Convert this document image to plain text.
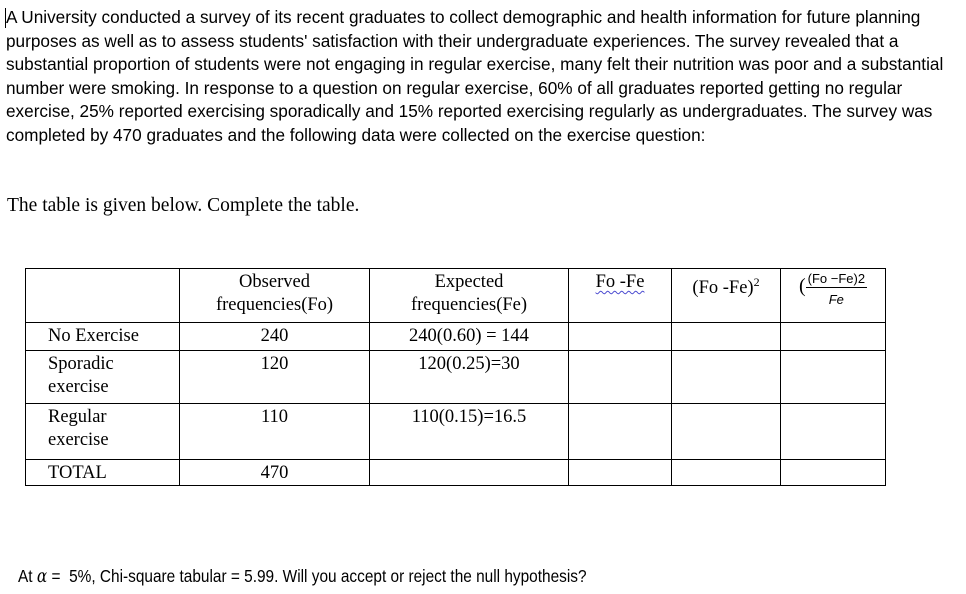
A University conducted a survey of its recent graduates to collect demographic and health information for future planning purposes as well as to assess students' satisfaction with their undergraduate experiences. The survey revealed that a substantial proportion of students were not engaging in regular exercise, many felt their nutrition was poor and a substantial number were smoking. In response to a question on regular exercise, 60% of all graduates reported getting no regular exercise, 25% reported exercising sporadically and 15% reported exercising regularly as undergraduates. The survey was completed by 470 graduates and the following data were collected on the exercise question:

The table is given below. Complete the table.
	Observed
frequencies(Fo)	Expected
frequencies(Fe)	Fo -Fe	(Fo -Fe)$^2$	( $\frac{(Fo -Fe)2}{Fe}$

No Exercise	240	240(0.60) = 144			
Sporadic
exercise	120	120(0.25)=30			
Regular
exercise	110	110(0.15)=16.5			
TOTAL	470				
At α =  5%, Chi-square tabular = 5.99. Will you accept or reject the null hypothesis?
